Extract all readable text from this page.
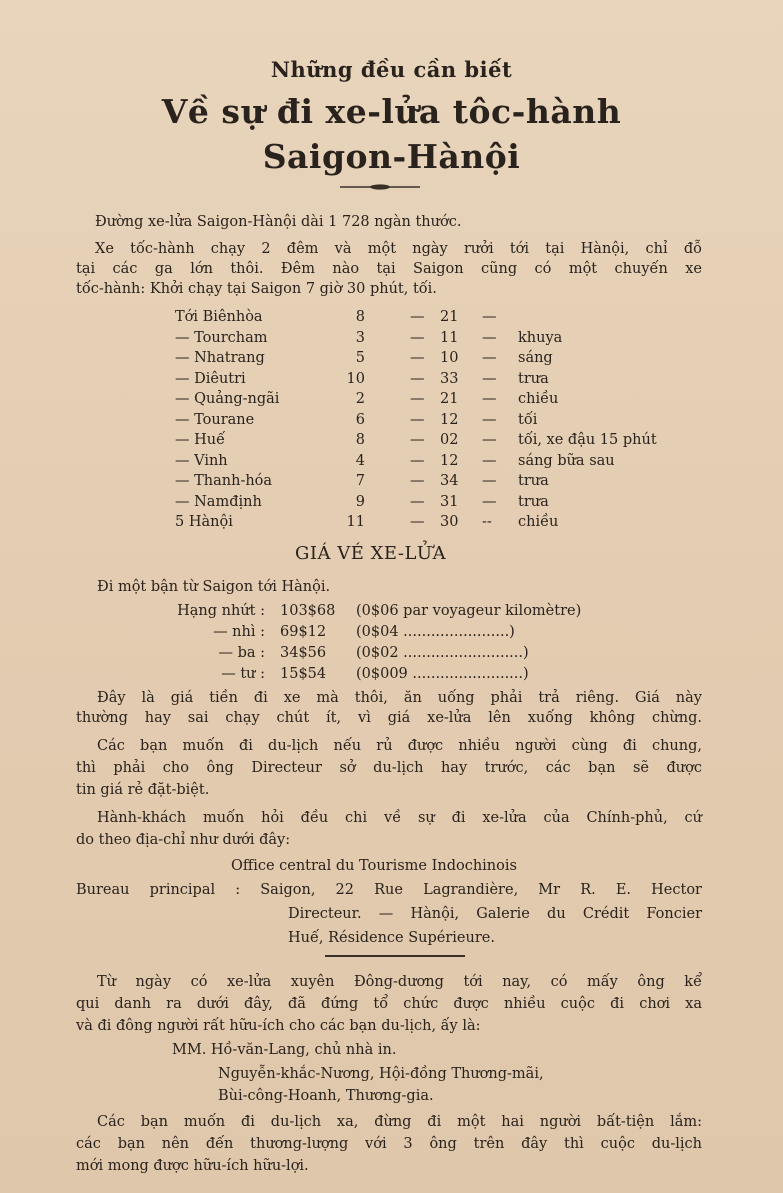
Những đều cần biết
Về sự đi xe-lửa tôc-hành
Saigon-Hànội
Đường xe-lửa Saigon-Hànội dài 1 728 ngàn thước.
Xe tốc-hành chạy 2 đêm và một ngày rưởi tới tại Hànội, chỉ đỗ
tại các ga lớn thôi. Đêm nào tại Saigon cũng có một chuyến xe
tốc-hành: Khởi chạy tại Saigon 7 giờ 30 phút, tối.
Tới Biênhòa	8	— 21 —
— Tourcham	3	— 11 — khuya
— Nhatrang	5	— 10 — sáng
— Diêutri	10	— 33 — trưa
— Quảng-ngãi	2	— 21 — chiều
— Tourane	6	— 12 — tối
— Huế	8	— 02 — tối, xe đậu 15 phút
— Vinh	4	— 12 — sáng bữa sau
— Thanh-hóa	7	— 34 — trưa
— Namđịnh	9	— 31 — trưa
5 Hànội	11	— 30 -- chiều
GIÁ VÉ XE-LỬA
Đi một bận từ Saigon tới Hànội.
Hạng nhứt : 103$68 (0$06 par voyageur kilomètre)
— nhì : 69$12 (0$04 .......................)
— ba : 34$56 (0$02 ..........................)
— tư : 15$54 (0$009 ........................)
Đây là giá tiền đi xe mà thôi, ăn uống phải trả riêng. Giá này
thường hay sai chạy chút ít, vì giá xe-lửa lên xuống không chừng.
Các bạn muốn đi du-lịch nếu rủ được nhiều người cùng đi chung,
thì phải cho ông Directeur sở du-lịch hay trước, các bạn sẽ được
tin giá rẻ đặt-biệt.
Hành-khách muốn hỏi đều chi về sự đi xe-lửa của Chính-phủ, cứ
do theo địa-chỉ như dưới đây:
Office central du Tourisme Indochinois
Bureau principal : Saigon, 22 Rue Lagrandière, Mr R. E. Hector
Directeur. — Hànội, Galerie du Crédit Foncier
Huế, Résidence Supérieure.
Từ ngày có xe-lửa xuyên Đông-dương tới nay, có mấy ông kể
qui danh ra dưới đây, đã đứng tổ chức được nhiều cuộc đi chơi xa
và đi đông người rất hữu-ích cho các bạn du-lịch, ấy là:
MM. Hồ-văn-Lang, chủ nhà in.
Nguyễn-khắc-Nương, Hội-đồng Thương-mãi,
Bùi-công-Hoanh, Thương-gia.
Các bạn muốn đi du-lịch xa, đừng đi một hai người bất-tiện lắm:
các bạn nên đến thương-lượng với 3 ông trên đây thì cuộc du-lịch
mới mong được hữu-ích hữu-lợi.
